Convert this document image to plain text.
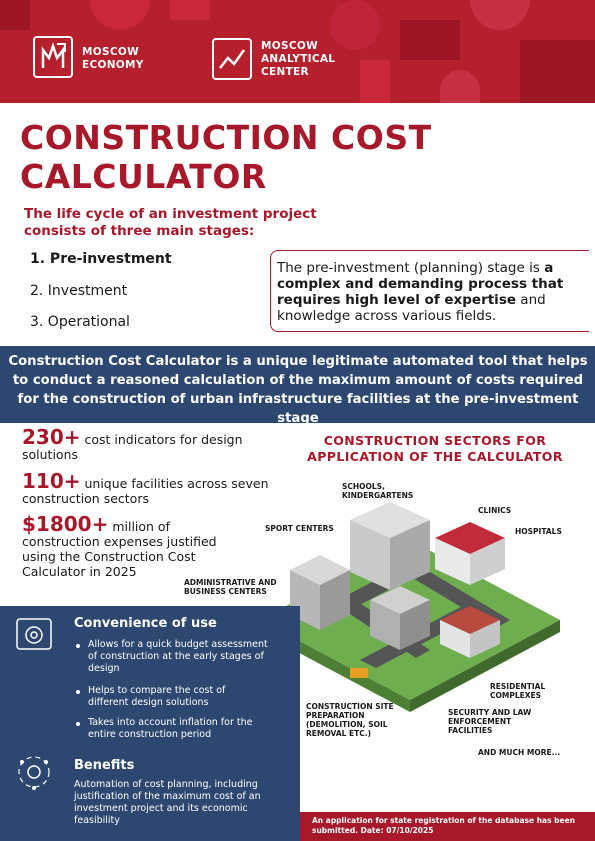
MOSCOW
ECONOMY
MOSCOW
ANALYTICAL
CENTER
CONSTRUCTION COST
CALCULATOR
The life cycle of an investment project consists of three main stages:
1. Pre-investment
2. Investment
3. Operational
The pre-investment (planning) stage is a complex and demanding process that requires high level of expertise and knowledge across various fields.
Construction Cost Calculator is a unique legitimate automated tool that helps to conduct a reasoned calculation of the maximum amount of costs required for the construction of urban infrastructure facilities at the pre-investment stage
230+ cost indicators for design solutions
110+ unique facilities across seven construction sectors
$1800+ million of construction expenses justified using the Construction Cost Calculator in 2025
CONSTRUCTION SECTORS FOR APPLICATION OF THE CALCULATOR
SCHOOLS, KINDERGARTENS
CLINICS
HOSPITALS
SPORT CENTERS
ADMINISTRATIVE AND BUSINESS CENTERS
RESIDENTIAL COMPLEXES
SECURITY AND LAW ENFORCEMENT FACILITIES
CONSTRUCTION SITE PREPARATION (DEMOLITION, SOIL REMOVAL ETC.)
AND MUCH MORE...
Convenience of use
Allows for a quick budget assessment of construction at the early stages of design
Helps to compare the cost of different design solutions
Takes into account inflation for the entire construction period
Benefits
Automation of cost planning, including justification of the maximum cost of an investment project and its economic feasibility	An application for state registration of the database has been submitted. Date: 07/10/2025
